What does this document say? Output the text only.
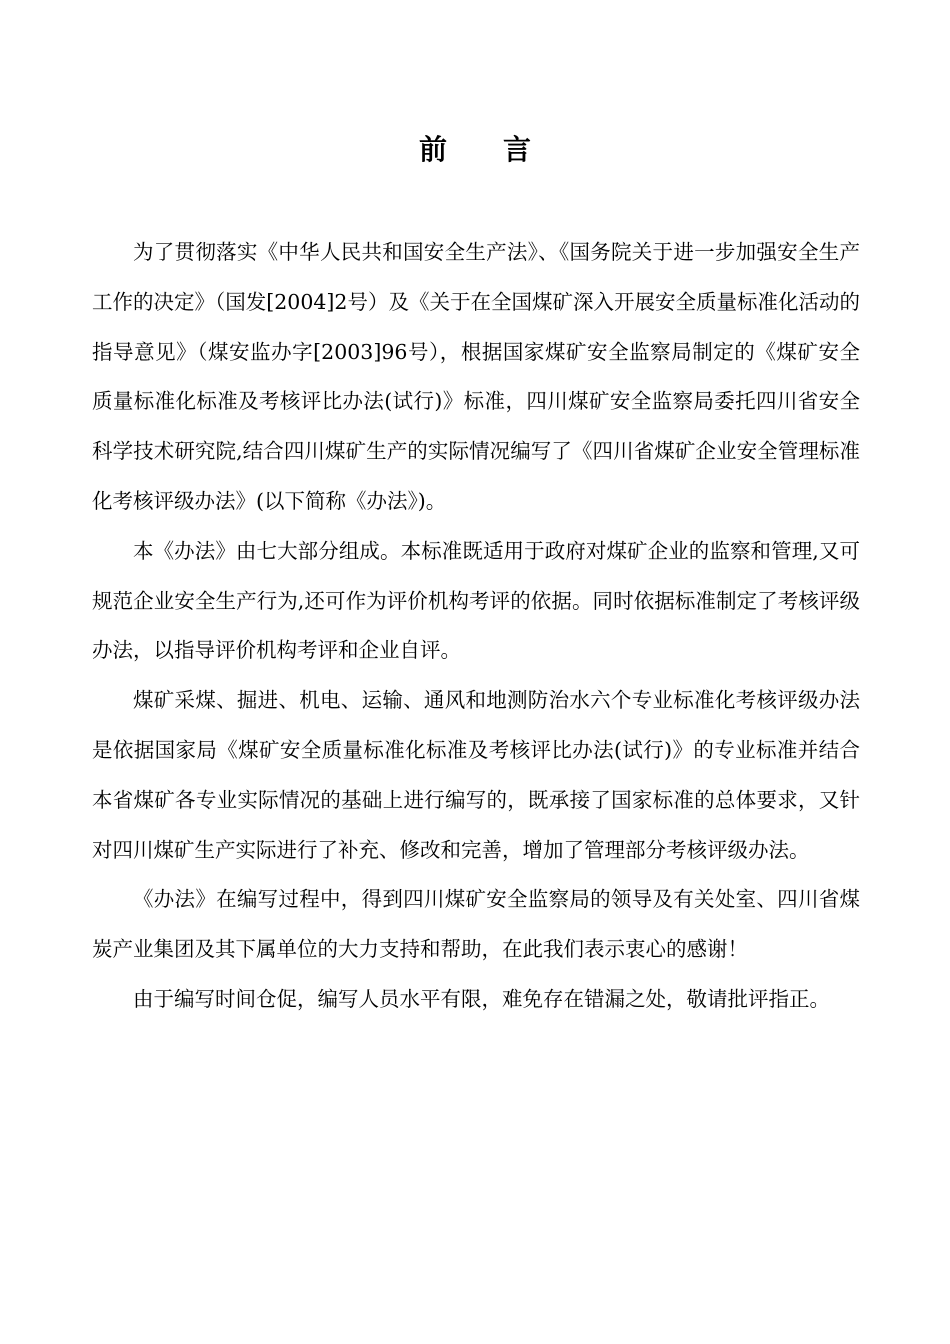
前　　言

为了贯彻落实《中华人民共和国安全生产法》、《国务院关于进一步加强安全生产工作的决定》（国发[2004]2号）及《关于在全国煤矿深入开展安全质量标准化活动的指导意见》（煤安监办字[2003]96号），根据国家煤矿安全监察局制定的《煤矿安全质量标准化标准及考核评比办法(试行)》标准，四川煤矿安全监察局委托四川省安全科学技术研究院,结合四川煤矿生产的实际情况编写了《四川省煤矿企业安全管理标准化考核评级办法》(以下简称《办法》)。

本《办法》由七大部分组成。本标准既适用于政府对煤矿企业的监察和管理,又可规范企业安全生产行为,还可作为评价机构考评的依据。同时依据标准制定了考核评级办法，以指导评价机构考评和企业自评。

煤矿采煤、掘进、机电、运输、通风和地测防治水六个专业标准化考核评级办法是依据国家局《煤矿安全质量标准化标准及考核评比办法(试行)》的专业标准并结合本省煤矿各专业实际情况的基础上进行编写的，既承接了国家标准的总体要求，又针对四川煤矿生产实际进行了补充、修改和完善，增加了管理部分考核评级办法。

《办法》在编写过程中，得到四川煤矿安全监察局的领导及有关处室、四川省煤炭产业集团及其下属单位的大力支持和帮助，在此我们表示衷心的感谢！

由于编写时间仓促，编写人员水平有限，难免存在错漏之处，敬请批评指正。
